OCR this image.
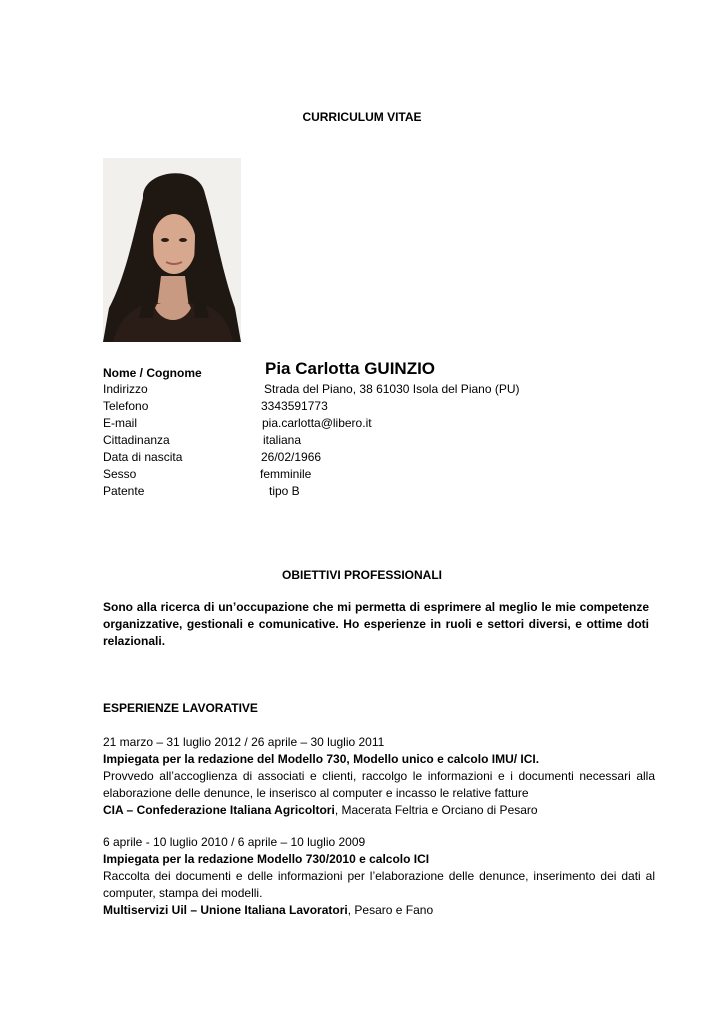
CURRICULUM VITAE
Nome / Cognome	Pia Carlotta GUINZIO
Indirizzo	Strada del Piano, 38 61030 Isola del Piano (PU)
Telefono	3343591773
E-mail	pia.carlotta@libero.it
Cittadinanza	italiana
Data di nascita	26/02/1966
Sesso	femminile
Patente	tipo B
OBIETTIVI PROFESSIONALI
Sono alla ricerca di un’occupazione che mi permetta di esprimere al meglio le mie competenze organizzative, gestionali e comunicative. Ho esperienze in ruoli e settori diversi, e ottime doti relazionali.
ESPERIENZE LAVORATIVE
21 marzo – 31 luglio 2012 / 26 aprile – 30 luglio 2011
Impiegata per la redazione del Modello 730, Modello unico e calcolo IMU/ ICI.
Provvedo all’accoglienza di associati e clienti, raccolgo le informazioni e i documenti necessari alla elaborazione delle denunce, le inserisco al computer e incasso le relative fatture
CIA – Confederazione Italiana Agricoltori, Macerata Feltria e Orciano di Pesaro
6 aprile - 10 luglio 2010 / 6 aprile – 10 luglio 2009
Impiegata per la redazione Modello 730/2010 e calcolo ICI
Raccolta dei documenti e delle informazioni per l’elaborazione delle denunce, inserimento dei dati al computer, stampa dei modelli.
Multiservizi Uil – Unione Italiana Lavoratori, Pesaro e Fano
